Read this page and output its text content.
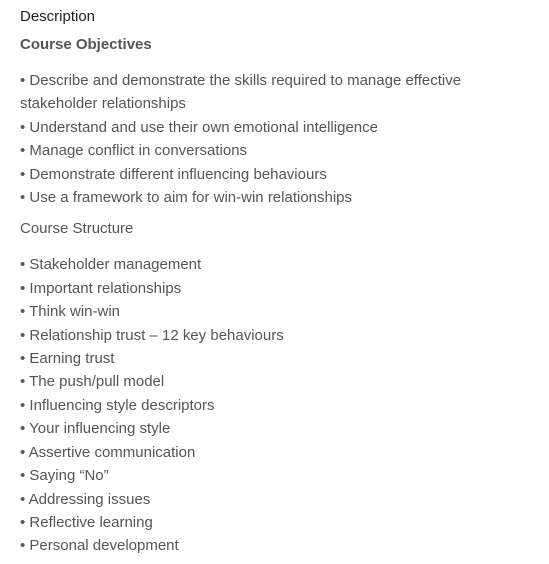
Description
Course Objectives
• Describe and demonstrate the skills required to manage effective stakeholder relationships
• Understand and use their own emotional intelligence
• Manage conflict in conversations
• Demonstrate different influencing behaviours
• Use a framework to aim for win-win relationships
Course Structure
• Stakeholder management
• Important relationships
• Think win-win
• Relationship trust – 12 key behaviours
• Earning trust
• The push/pull model
• Influencing style descriptors
• Your influencing style
• Assertive communication
• Saying “No”
• Addressing issues
• Reflective learning
• Personal development
